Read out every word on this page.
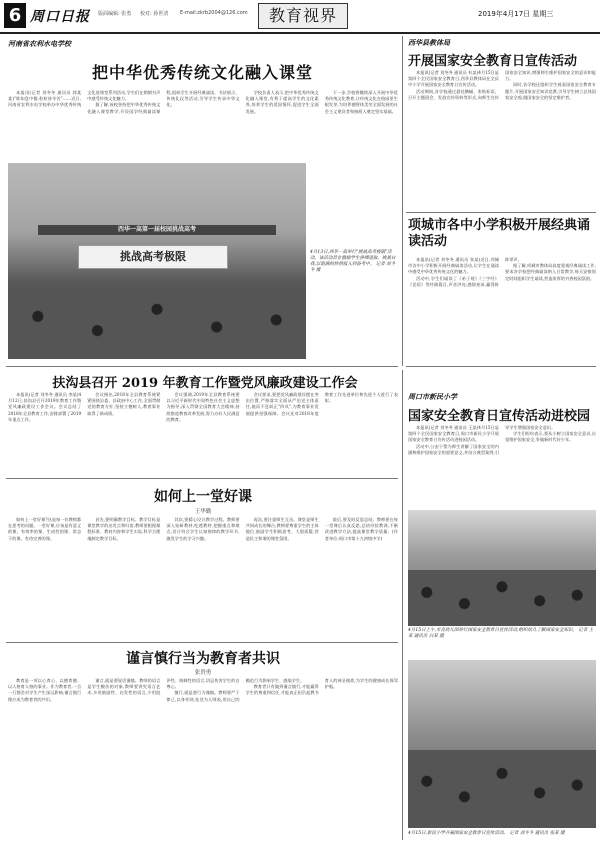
6 周口日报 版面编辑: 张勇 校对: 孙世清 E-mail:zkrb2004@126.com	教育视界	2019年4月17日 星期三
河南省农利水电学校
把中华优秀传统文化融入课堂

本报讯(记者 刘冬冬 通讯员 郭某某)"谁知盘中餐,粒粒皆辛苦"……近日,河南省农利水电学校举办中华优秀传统文化进课堂系列活动,学生们在朗朗书声中感受传统文化魅力。

据了解,该校坚持把中华优秀传统文化融入课堂教学,开设国学经典诵读课程,组织学生开展经典诵读、书法展示、传统礼仪等活动,引导学生传承中华文化。

学校负责人表示,把中华优秀传统文化融入课堂,有利于提高学生的文化素养,培养学生的爱国情怀,促进学生全面发展。

下一步,学校将继续深入开展中华优秀传统文化教育,让传统文化在校园里生根发芽,为培养德智体美劳全面发展的社会主义建设者和接班人奠定坚实基础。

西华一高第一届校园挑战高考
挑战高考极限	4月13日,西华一高举行"挑战高考极限"活动。该活动旨在激励学生拼搏进取、挑战自我,以饱满的热情投入到备考中。 记者 刘冬冬 摄
西华县教体局
开展国家安全教育日宣传活动

本报讯(记者 刘冬冬 通讯员 杜某)4月15日是第四个全民国家安全教育日,西华县教体局在全县中小学开展国家安全教育日宣传活动。

活动期间,各学校通过悬挂横幅、张贴标语、召开主题班会、发放宣传资料等形式,向师生宣传国家安全知识,增强师生维护国家安全的意识和能力。

同时,各学校还组织学生观看国家安全教育专题片,开展国家安全知识竞赛,引导学生树立总体国家安全观,做国家安全的坚定维护者。

项城市各中小学积极开展经典诵读活动

本报讯(记者 刘冬冬 通讯员 张某)近日,项城市各中小学积极开展经典诵读活动,让学生在诵读中感受中华优秀传统文化的魅力。

活动中,学生们诵读了《弟子规》《三字经》《论语》等经典篇目,声音洪亮,感情充沛,赢得阵阵掌声。

据了解,项城市教体局高度重视经典诵读工作,要求各学校把经典诵读纳入日常教学,每天安排固定时间组织学生诵读,营造浓厚的书香校园氛围。

扶沟县召开 2019 年教育工作暨党风廉政建设工作会

本报讯(记者 刘冬冬 通讯员 李某)4月12日,扶沟县召开2019年教育工作暨党风廉政建设工作会议。会议总结了2018年全县教育工作,安排部署了2019年重点工作。

会议指出,2018年全县教育系统紧紧围绕县委、县政府中心工作,全面贯彻党的教育方针,坚持立德树人,教育事业取得了新成绩。

会议强调,2019年全县教育系统要以习近平新时代中国特色社会主义思想为指导,深入贯彻全国教育大会精神,持续推进教育改革发展,努力办好人民满意的教育。

会议要求,要把党风廉政建设摆在突出位置,严格落实全面从严治党主体责任,驰而不息纠正"四风",为教育事业发展提供坚强保障。会议还对2018年度教育工作先进单位和先进个人进行了表彰。	周口市新民小学
国家安全教育日宣传活动进校园

本报讯(记者 刘冬冬 通讯员 王某)4月15日是第四个全民国家安全教育日,周口市新民小学开展国家安全教育日宣传活动进校园活动。

活动中,公安干警为师生讲解了国家安全的内涵和维护国家安全的重要意义,并结合典型案例,引导学生增强国家安全意识。

学生们纷纷表示,要从小树立国家安全意识,自觉维护国家安全,争做新时代好少年。

4月15日上午,市直幼儿园举行国家安全教育日宣传活动,组织幼儿了解国家安全知识。 记者 王某 通讯员 白某 摄
4月15日,新民小学开展国家安全教育日宣传活动。 记者 刘冬冬 通讯员 张某 摄
如何上一堂好课
王华勤

如何上一堂好课?这是每一位教师都在思考的问题。一堂好课,应该是有意义的课、有效率的课、生成性的课、常态下的课、有待完善的课。

首先,要明确教学目标。教学目标是课堂教学的出发点和归宿,教师要根据课程标准、教材内容和学生实际,科学合理地制定教学目标。

其次,要精心设计教学过程。教师要深入钻研教材,吃透教材,把握重点和难点,设计符合学生认知规律的教学环节,激发学生的学习兴趣。

再次,要注重师生互动。课堂是师生共同成长的舞台,教师要尊重学生的主体地位,鼓励学生积极思考、大胆质疑,营造民主和谐的课堂氛围。

最后,要及时反思总结。教师要在每一堂课后认真反思,总结经验教训,不断改进教学方法,提高课堂教学质量。(作者单位:周口市第十九初级中学)

谨言慎行当为教育者共识
张贵勇

教育是一项以心育心、以德育德、以人格育人格的事业。作为教育者,一言一行都会对学生产生深远影响,谨言慎行理应成为教育者的共识。

谨言,就是要说话谨慎。教师的语言是学生模仿的对象,教师要讲究语言艺术,多用鼓励性、启发性的语言,少用批评性、讽刺性的语言,切忌伤害学生的自尊心。

慎行,就是要行为谨慎。教师要严于律己,以身作则,处处为人师表,用自己的模范行为影响学生、感染学生。

教育者只有做到谨言慎行,才能赢得学生的尊重和信任,才能真正担负起教书育人的神圣使命,为学生的健康成长保驾护航。
